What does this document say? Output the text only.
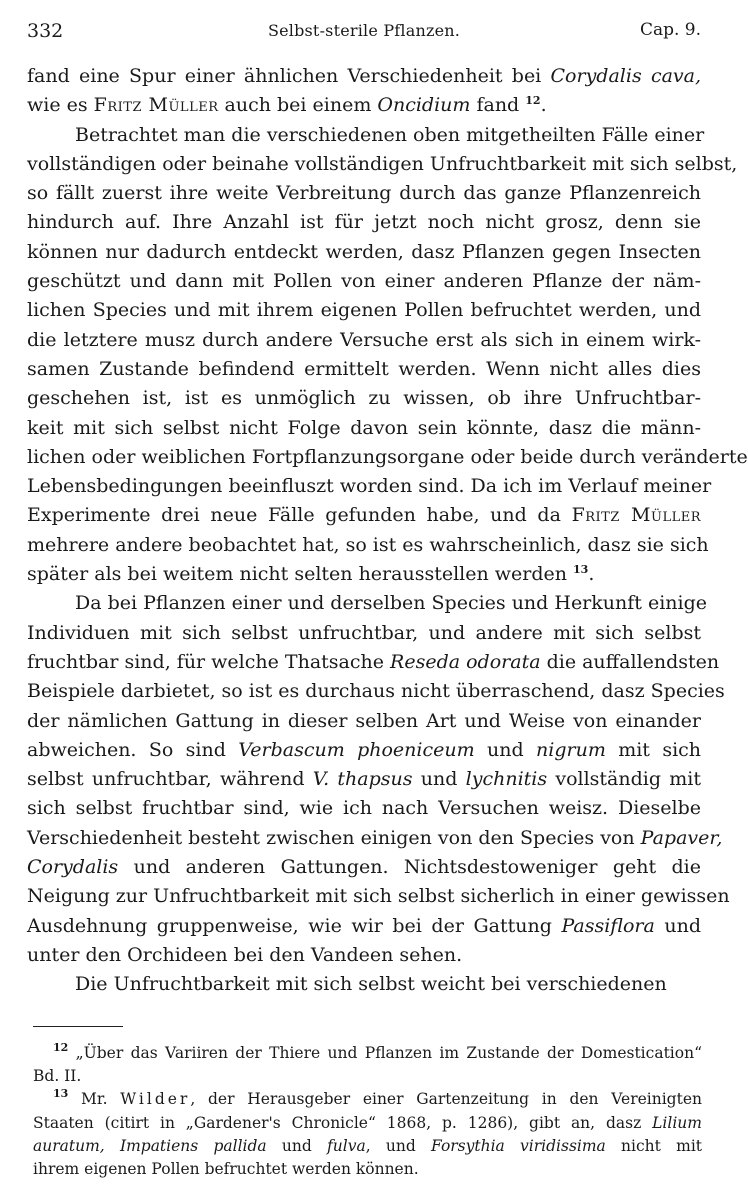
332	Selbst-sterile Pflanzen.	Cap. 9.
fand eine Spur einer ähnlichen Verschiedenheit bei Corydalis cava,
wie es Fritz Müller auch bei einem Oncidium fand $^{12}$.
Betrachtet man die verschiedenen oben mitgetheilten Fälle einer
vollständigen oder beinahe vollständigen Unfruchtbarkeit mit sich selbst,
so fällt zuerst ihre weite Verbreitung durch das ganze Pflanzenreich
hindurch auf. Ihre Anzahl ist für jetzt noch nicht grosz, denn sie
können nur dadurch entdeckt werden, dasz Pflanzen gegen Insecten
geschützt und dann mit Pollen von einer anderen Pflanze der näm-
lichen Species und mit ihrem eigenen Pollen befruchtet werden, und
die letztere musz durch andere Versuche erst als sich in einem wirk-
samen Zustande befindend ermittelt werden. Wenn nicht alles dies
geschehen ist, ist es unmöglich zu wissen, ob ihre Unfruchtbar-
keit mit sich selbst nicht Folge davon sein könnte, dasz die männ-
lichen oder weiblichen Fortpflanzungsorgane oder beide durch veränderte
Lebensbedingungen beeinfluszt worden sind. Da ich im Verlauf meiner
Experimente drei neue Fälle gefunden habe, und da Fritz Müller
mehrere andere beobachtet hat, so ist es wahrscheinlich, dasz sie sich
später als bei weitem nicht selten herausstellen werden $^{13}$.
Da bei Pflanzen einer und derselben Species und Herkunft einige
Individuen mit sich selbst unfruchtbar, und andere mit sich selbst
fruchtbar sind, für welche Thatsache Reseda odorata die auffallendsten
Beispiele darbietet, so ist es durchaus nicht überraschend, dasz Species
der nämlichen Gattung in dieser selben Art und Weise von einander
abweichen. So sind Verbascum phoeniceum und nigrum mit sich
selbst unfruchtbar, während V. thapsus und lychnitis vollständig mit
sich selbst fruchtbar sind, wie ich nach Versuchen weisz. Dieselbe
Verschiedenheit besteht zwischen einigen von den Species von Papaver,
Corydalis und anderen Gattungen. Nichtsdestoweniger geht die
Neigung zur Unfruchtbarkeit mit sich selbst sicherlich in einer gewissen
Ausdehnung gruppenweise, wie wir bei der Gattung Passiflora und
unter den Orchideen bei den Vandeen sehen.
Die Unfruchtbarkeit mit sich selbst weicht bei verschiedenen
$^{12}$ „Über das Variiren der Thiere und Pflanzen im Zustande der Domestication“
Bd. II.
$^{13}$ Mr. Wilder, der Herausgeber einer Gartenzeitung in den Vereinigten
Staaten (citirt in „Gardener's Chronicle“ 1868, p. 1286), gibt an, dasz Lilium
auratum, Impatiens pallida und fulva, und Forsythia viridissima nicht mit
ihrem eigenen Pollen befruchtet werden können.
